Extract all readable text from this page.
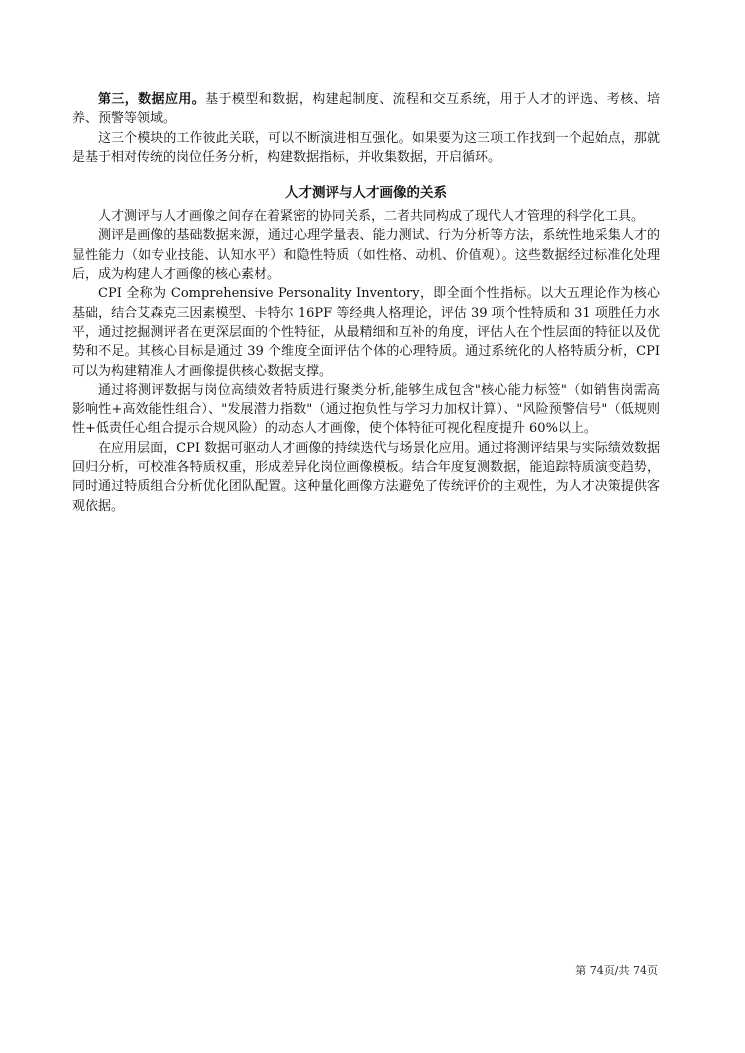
第三，数据应用。基于模型和数据，构建起制度、流程和交互系统，用于人才的评选、考核、培养、预警等领域。

这三个模块的工作彼此关联，可以不断演进相互强化。如果要为这三项工作找到一个起始点，那就是基于相对传统的岗位任务分析，构建数据指标，并收集数据，开启循环。

人才测评与人才画像的关系

人才测评与人才画像之间存在着紧密的协同关系，二者共同构成了现代人才管理的科学化工具。

测评是画像的基础数据来源，通过心理学量表、能力测试、行为分析等方法，系统性地采集人才的显性能力（如专业技能、认知水平）和隐性特质（如性格、动机、价值观）。这些数据经过标准化处理后，成为构建人才画像的核心素材。

CPI 全称为 Comprehensive Personality Inventory，即全面个性指标。以大五理论作为核心基础，结合艾森克三因素模型、卡特尔 16PF 等经典人格理论，评估 39 项个性特质和 31 项胜任力水平，通过挖掘测评者在更深层面的个性特征，从最精细和互补的角度，评估人在个性层面的特征以及优势和不足。其核心目标是通过 39 个维度全面评估个体的心理特质。通过系统化的人格特质分析，CPI 可以为构建精准人才画像提供核心数据支撑。

通过将测评数据与岗位高绩效者特质进行聚类分析,能够生成包含"核心能力标签"（如销售岗需高影响性+高效能性组合）、"发展潜力指数"（通过抱负性与学习力加权计算）、"风险预警信号"（低规则性+低责任心组合提示合规风险）的动态人才画像，使个体特征可视化程度提升 60%以上。

在应用层面，CPI 数据可驱动人才画像的持续迭代与场景化应用。通过将测评结果与实际绩效数据回归分析，可校准各特质权重，形成差异化岗位画像模板。结合年度复测数据，能追踪特质演变趋势，同时通过特质组合分析优化团队配置。这种量化画像方法避免了传统评价的主观性，为人才决策提供客观依据。

第 74页/共 74页
